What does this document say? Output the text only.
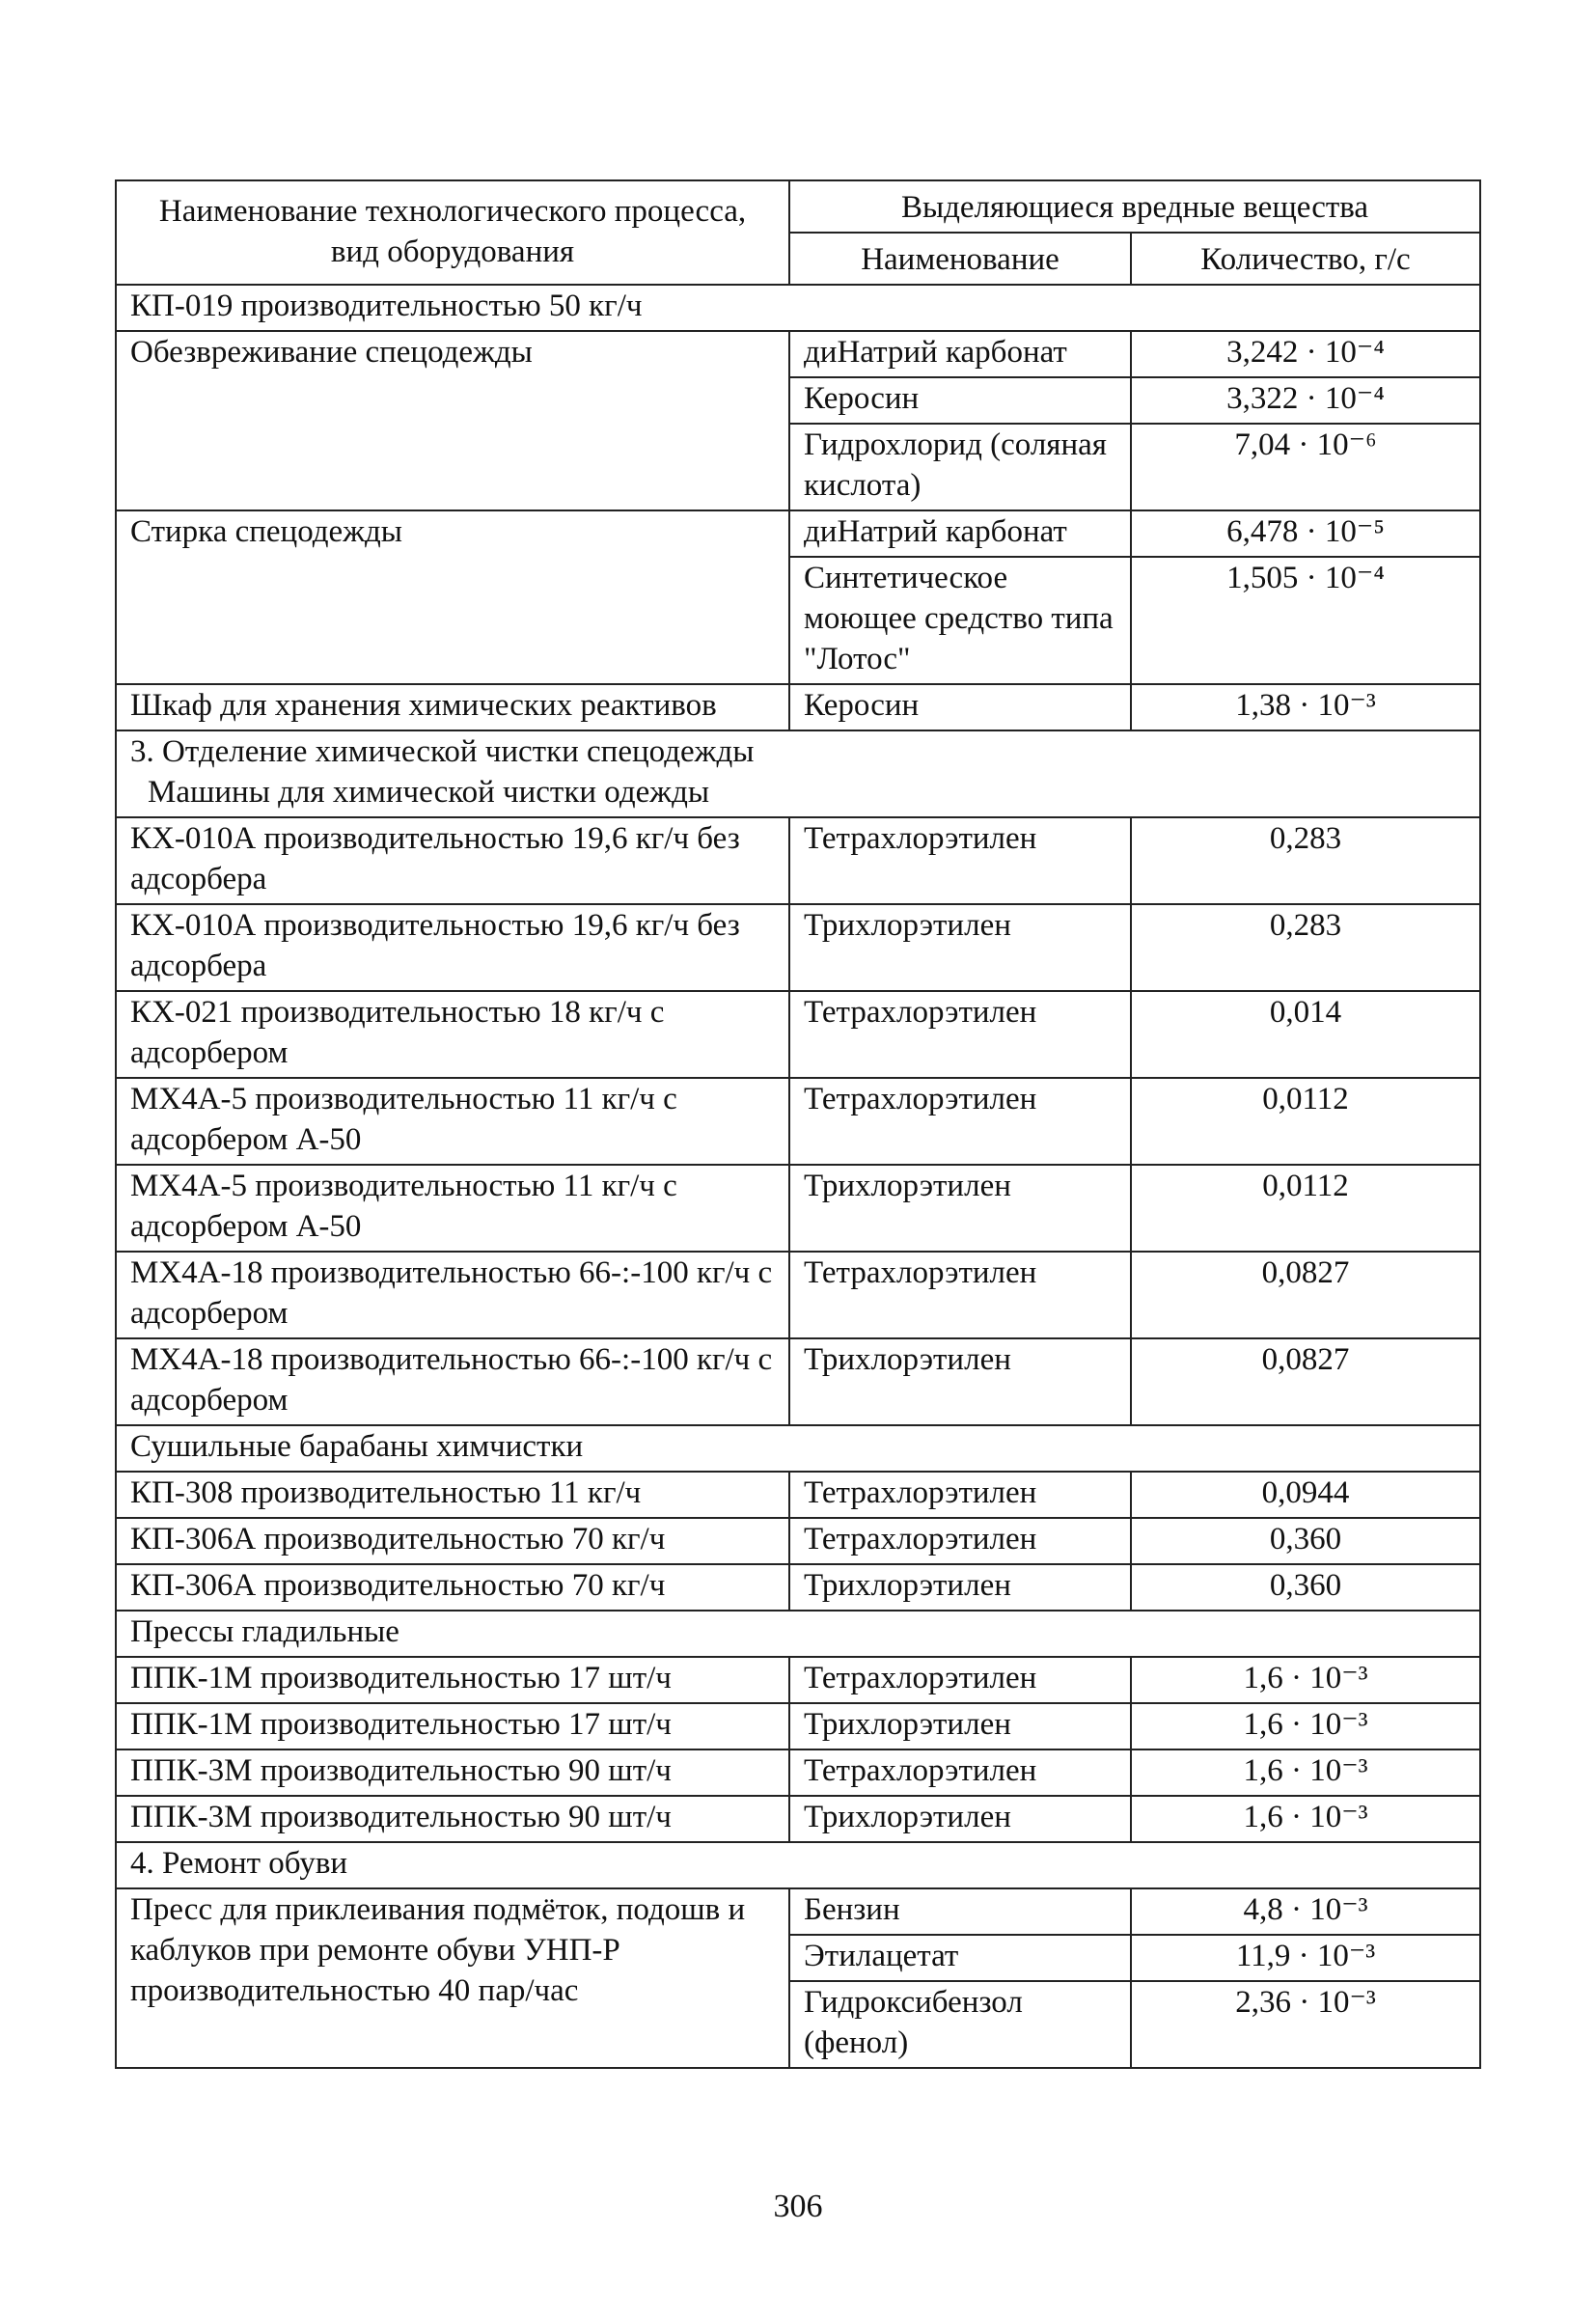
Наименование технологического процесса, вид оборудования	Выделяющиеся вредные вещества	
	Наименование	Количество, г/с

КП-019 производительностью 50 кг/ч		

Обезвреживание спецодежды	диНатрий карбонат	3,242 · 10⁻⁴
	Керосин	3,322 · 10⁻⁴
	Гидрохлорид (соляная кислота)	7,04 · 10⁻⁶
Стирка спецодежды	диНатрий карбонат	6,478 · 10⁻⁵
	Синтетическое моющее средство типа "Лотос"	1,505 · 10⁻⁴
Шкаф для хранения химических реактивов	Керосин	1,38 · 10⁻³

3. Отделение химической чистки спецодежды
Машины для химической чистки одежды		

КХ-010А производительностью 19,6 кг/ч без адсорбера	Тетрахлорэтилен	0,283
КХ-010А производительностью 19,6 кг/ч без адсорбера	Трихлорэтилен	0,283
КХ-021 производительностью 18 кг/ч с адсорбером	Тетрахлорэтилен	0,014
МХ4А-5 производительностью 11 кг/ч с адсорбером А-50	Тетрахлорэтилен	0,0112
МХ4А-5 производительностью 11 кг/ч с адсорбером А-50	Трихлорэтилен	0,0112
МХ4А-18 производительностью 66-:-100 кг/ч с адсорбером	Тетрахлорэтилен	0,0827
МХ4А-18 производительностью 66-:-100 кг/ч с адсорбером	Трихлорэтилен	0,0827

Сушильные барабаны химчистки		

КП-308 производительностью 11 кг/ч	Тетрахлорэтилен	0,0944
КП-306А производительностью 70 кг/ч	Тетрахлорэтилен	0,360
КП-306А производительностью 70 кг/ч	Трихлорэтилен	0,360

Прессы гладильные		

ППК-1М производительностью 17 шт/ч	Тетрахлорэтилен	1,6 · 10⁻³
ППК-1М производительностью 17 шт/ч	Трихлорэтилен	1,6 · 10⁻³
ППК-3М производительностью 90 шт/ч	Тетрахлорэтилен	1,6 · 10⁻³
ППК-3М производительностью 90 шт/ч	Трихлорэтилен	1,6 · 10⁻³

4. Ремонт обуви		

Пресс для приклеивания подмёток, подошв и каблуков при ремонте обуви УНП-Р производительностью 40 пар/час	Бензин	4,8 · 10⁻³
	Этилацетат	11,9 · 10⁻³
	Гидроксибензол (фенол)	2,36 · 10⁻³
306
